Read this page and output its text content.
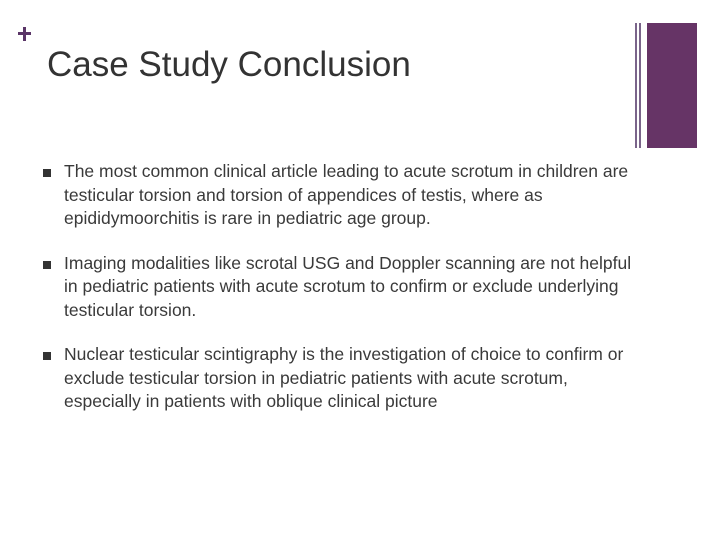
Case Study Conclusion
The most common clinical article leading to acute scrotum in children are testicular torsion and torsion of appendices of testis, where as epididymoorchitis is rare in pediatric age group.
Imaging modalities like scrotal USG and Doppler scanning are not helpful in pediatric patients with acute scrotum to confirm or exclude underlying testicular torsion.
Nuclear testicular scintigraphy is the investigation of choice to confirm or exclude testicular torsion in pediatric patients with acute scrotum, especially in patients with oblique clinical picture
